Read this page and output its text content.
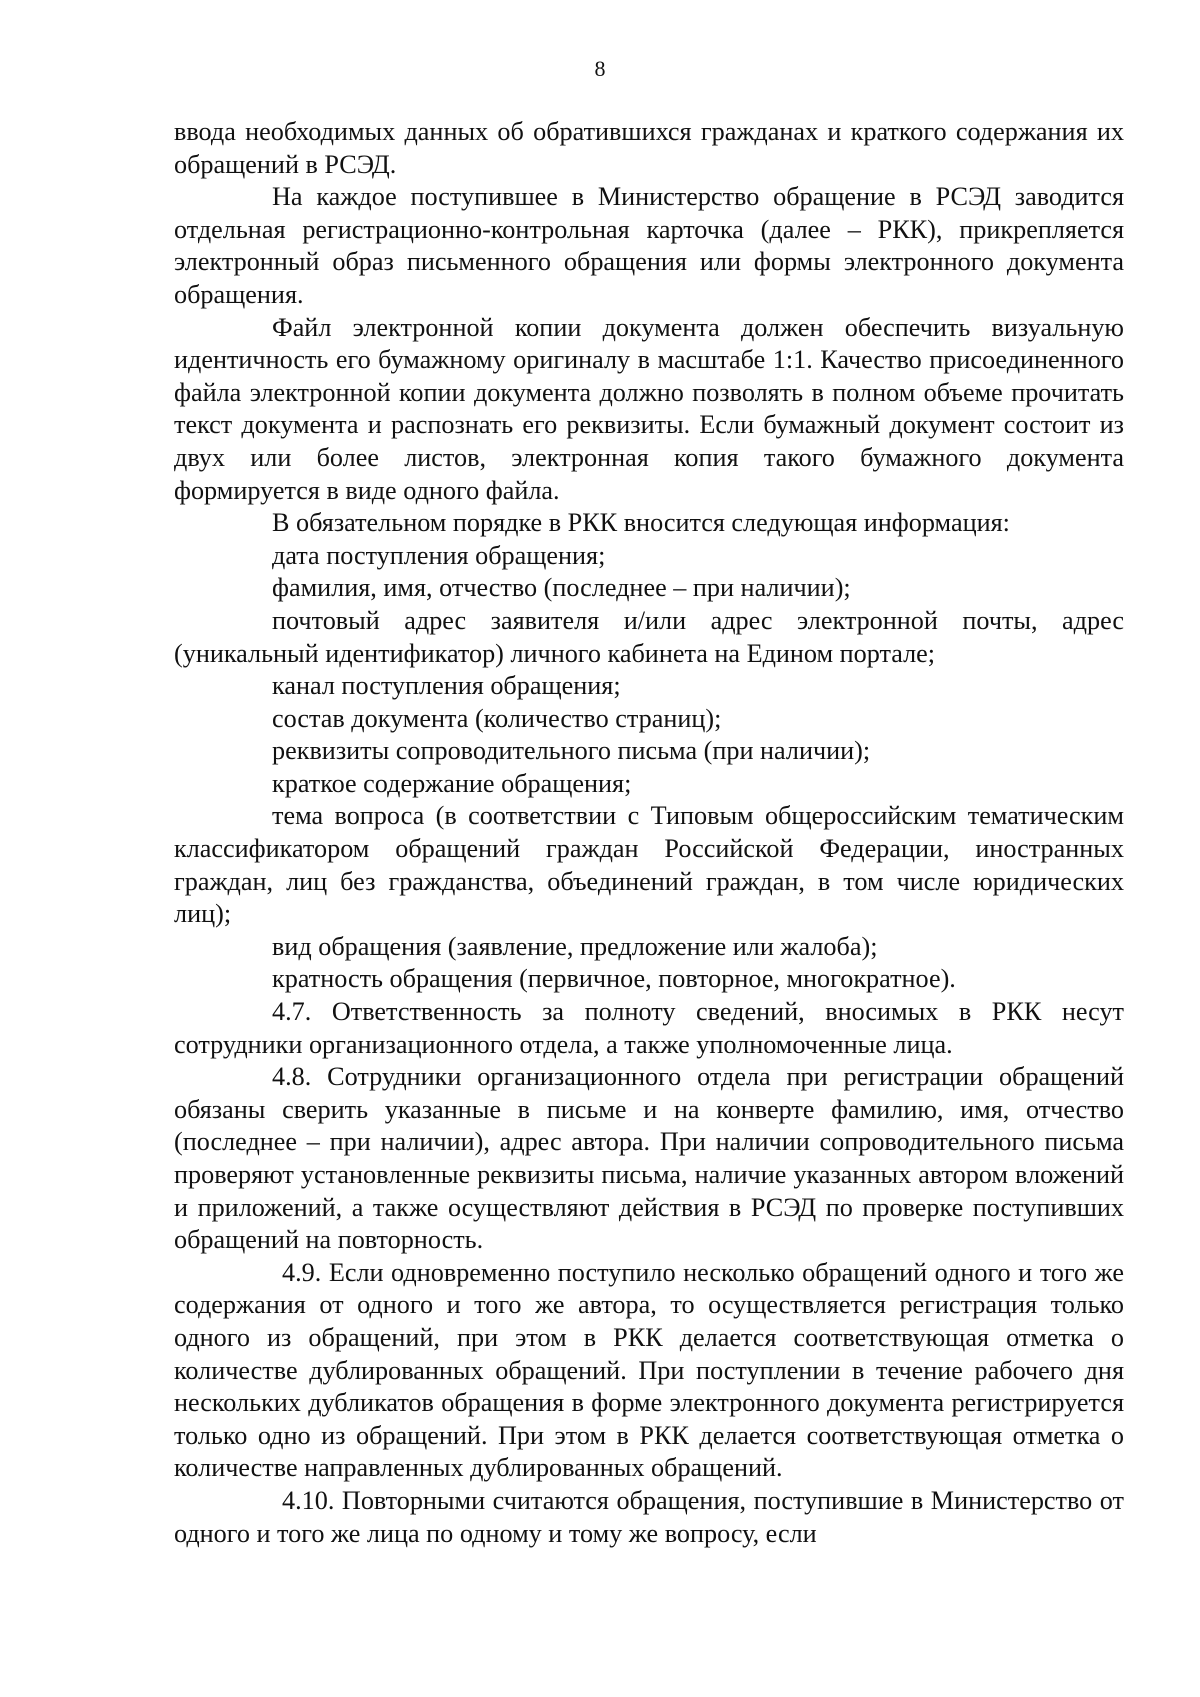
8

ввода необходимых данных об обратившихся гражданах и краткого содержания их обращений в РСЭД.

На каждое поступившее в Министерство обращение в РСЭД заводится отдельная регистрационно-контрольная карточка (далее – РКК), прикрепляется электронный образ письменного обращения или формы электронного документа обращения.

Файл электронной копии документа должен обеспечить визуальную идентичность его бумажному оригиналу в масштабе 1:1. Качество присоединенного файла электронной копии документа должно позволять в полном объеме прочитать текст документа и распознать его реквизиты. Если бумажный документ состоит из двух или более листов, электронная копия такого бумажного документа формируется в виде одного файла.

В обязательном порядке в РКК вносится следующая информация:

дата поступления обращения;

фамилия, имя, отчество (последнее – при наличии);

почтовый адрес заявителя и/или адрес электронной почты, адрес (уникальный идентификатор) личного кабинета на Едином портале;

канал поступления обращения;

состав документа (количество страниц);

реквизиты сопроводительного письма (при наличии);

краткое содержание обращения;

тема вопроса (в соответствии с Типовым общероссийским тематическим классификатором обращений граждан Российской Федерации, иностранных граждан, лиц без гражданства, объединений граждан, в том числе юридических лиц);

вид обращения (заявление, предложение или жалоба);

кратность обращения (первичное, повторное, многократное).

4.7. Ответственность за полноту сведений, вносимых в РКК несут сотрудники организационного отдела, а также уполномоченные лица.

4.8. Сотрудники организационного отдела при регистрации обращений обязаны сверить указанные в письме и на конверте фамилию, имя, отчество (последнее – при наличии), адрес автора. При наличии сопроводительного письма проверяют установленные реквизиты письма, наличие указанных автором вложений и приложений, а также осуществляют действия в РСЭД по проверке поступивших обращений на повторность.

4.9. Если одновременно поступило несколько обращений одного и того же содержания от одного и того же автора, то осуществляется регистрация только одного из обращений, при этом в РКК делается соответствующая отметка о количестве дублированных обращений. При поступлении в течение рабочего дня нескольких дубликатов обращения в форме электронного документа регистрируется только одно из обращений. При этом в РКК делается соответствующая отметка о количестве направленных дублированных обращений.

4.10. Повторными считаются обращения, поступившие в Министерство от одного и того же лица по одному и тому же вопросу, если
